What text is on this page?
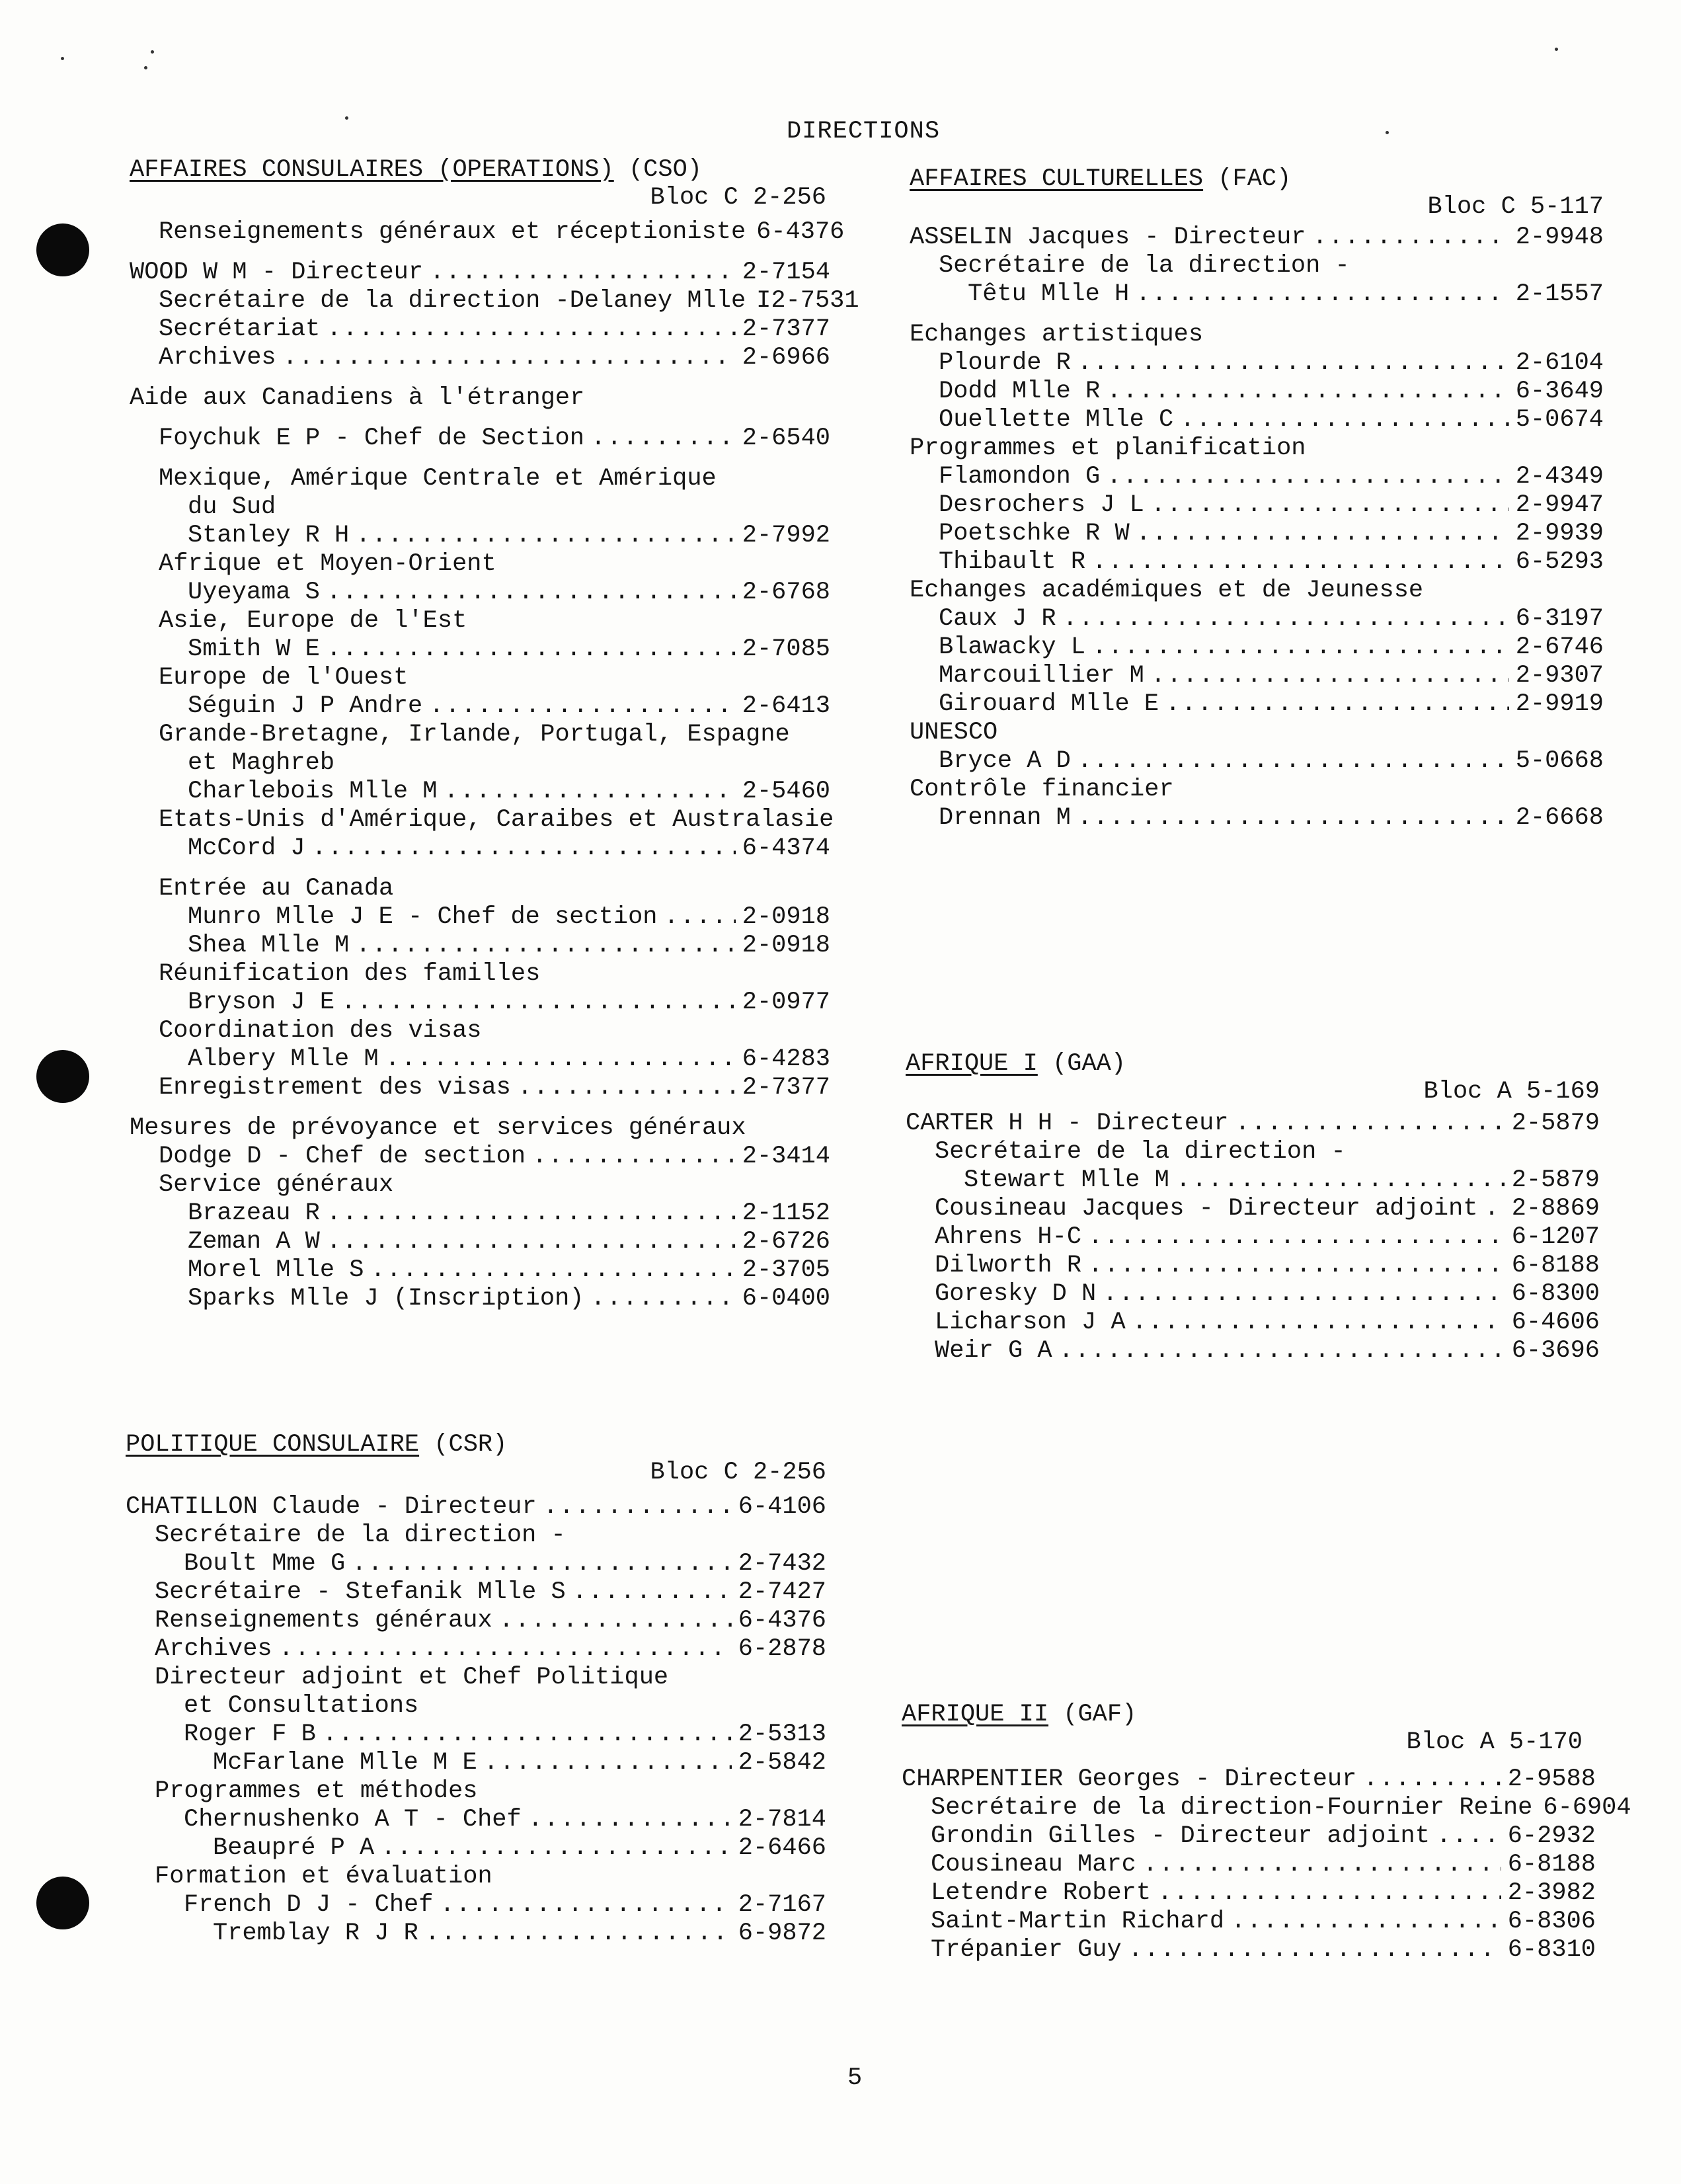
DIRECTIONS
AFFAIRES CONSULAIRES (OPERATIONS) (CSO)
Bloc C 2-256
Renseignements généraux et réceptioniste 6-4376
WOOD W M - Directeur .....	2-7154
Secrétaire de la direction -Delaney Mlle I2-7531
Secrétariat .....	2-7377
Archives .....	2-6966
Aide aux Canadiens à l'étranger
Foychuk E P - Chef de Section .....	2-6540
Mexique, Amérique Centrale et Amérique
du Sud
Stanley R H .....	2-7992
Afrique et Moyen-Orient
Uyeyama S .....	2-6768
Asie, Europe de l'Est
Smith W E .....	2-7085
Europe de l'Ouest
Séguin J P Andre .....	2-6413
Grande-Bretagne, Irlande, Portugal, Espagne
et Maghreb
Charlebois Mlle M .....	2-5460
Etats-Unis d'Amérique, Caraibes et Australasie
McCord J .....	6-4374
Entrée au Canada
Munro Mlle J E - Chef de section .....	2-0918
Shea Mlle M .....	2-0918
Réunification des familles
Bryson J E .....	2-0977
Coordination des visas
Albery Mlle M .....	6-4283
Enregistrement des visas .....	2-7377
Mesures de prévoyance et services généraux
Dodge D - Chef de section .....	2-3414
Service généraux
Brazeau R .....	2-1152
Zeman A W .....	2-6726
Morel Mlle S .....	2-3705
Sparks Mlle J (Inscription) .....	6-0400
POLITIQUE CONSULAIRE (CSR)
Bloc C 2-256
CHATILLON Claude - Directeur .....	6-4106
Secrétaire de la direction -
Boult Mme G .....	2-7432
Secrétaire - Stefanik Mlle S .....	2-7427
Renseignements généraux .....	6-4376
Archives .....	6-2878
Directeur adjoint et Chef Politique
et Consultations
Roger F B .....	2-5313
McFarlane Mlle M E .....	2-5842
Programmes et méthodes
Chernushenko A T - Chef .....	2-7814
Beaupré P A .....	2-6466
Formation et évaluation
French D J - Chef .....	2-7167
Tremblay R J R .....	6-9872
AFFAIRES CULTURELLES (FAC)
Bloc C 5-117
ASSELIN Jacques - Directeur .....	2-9948
Secrétaire de la direction -
Têtu Mlle H .....	2-1557
Echanges artistiques
Plourde R .....	2-6104
Dodd Mlle R .....	6-3649
Ouellette Mlle C .....	5-0674
Programmes et planification
Flamondon G .....	2-4349
Desrochers J L .....	2-9947
Poetschke R W .....	2-9939
Thibault R .....	6-5293
Echanges académiques et de Jeunesse
Caux J R .....	6-3197
Blawacky L .....	2-6746
Marcouillier M .....	2-9307
Girouard Mlle E .....	2-9919
UNESCO
Bryce A D .....	5-0668
Contrôle financier
Drennan M .....	2-6668
AFRIQUE I (GAA)
Bloc A 5-169
CARTER H H - Directeur .....	2-5879
Secrétaire de la direction -
Stewart Mlle M .....	2-5879
Cousineau Jacques - Directeur adjoint ..... 2-8869
Ahrens H-C .....	6-1207
Dilworth R .....	6-8188
Goresky D N .....	6-8300
Licharson J A .....	6-4606
Weir G A .....	6-3696
AFRIQUE II (GAF)
Bloc A 5-170
CHARPENTIER Georges - Directeur .....	2-9588
Secrétaire de la direction-Fournier Reine 6-6904
Grondin Gilles - Directeur adjoint .....	6-2932
Cousineau Marc .....	6-8188
Letendre Robert .....	2-3982
Saint-Martin Richard .....	6-8306
Trépanier Guy .....	6-8310
5
